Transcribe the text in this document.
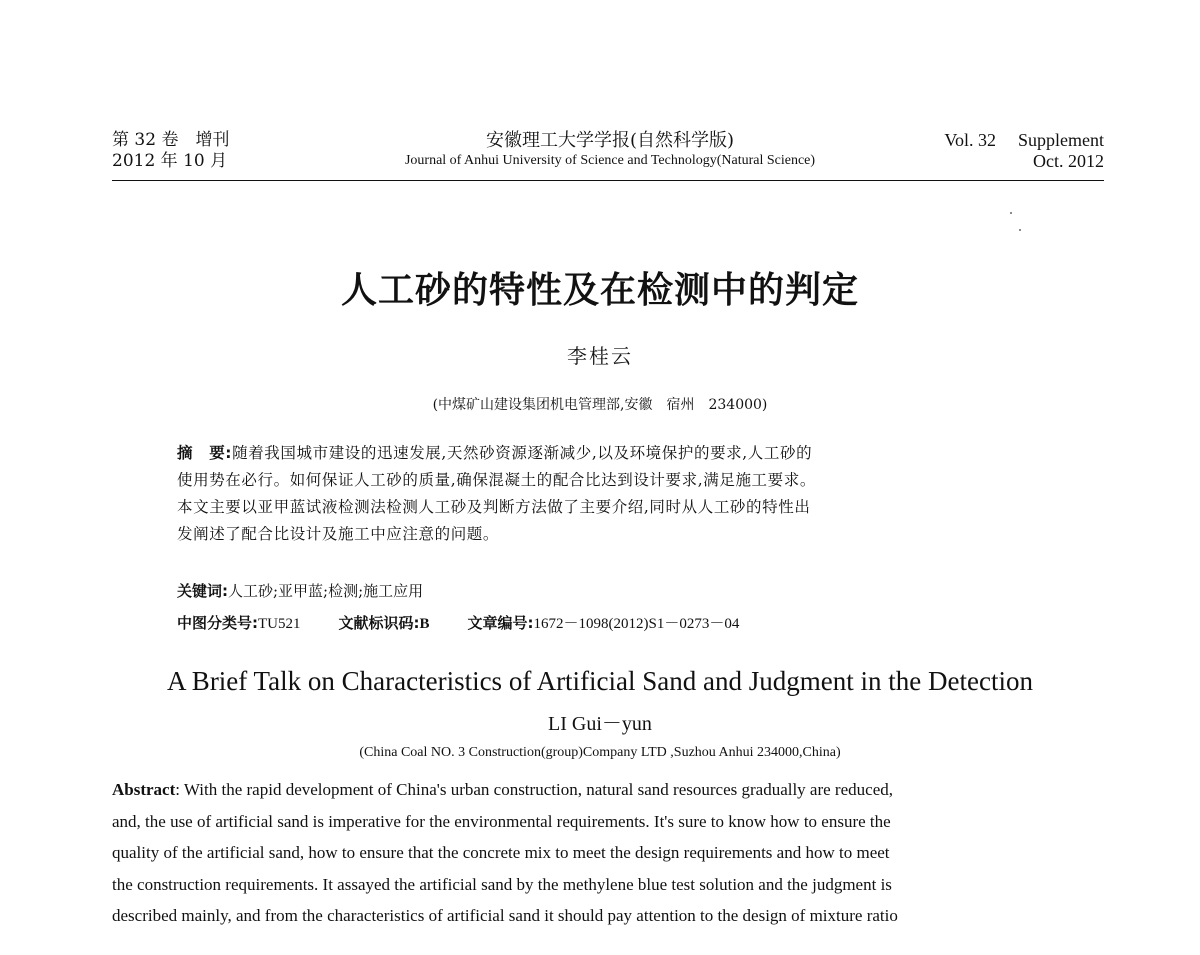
第 32 卷　增刊
2012 年 10 月
安徽理工大学学报(自然科学版)
Journal of Anhui University of Science and Technology(Natural Science)
Vol. 32 Supplement
Oct. 2012
人工砂的特性及在检测中的判定
李桂云
(中煤矿山建设集团机电管理部,安徽　宿州　234000)
摘　要:随着我国城市建设的迅速发展,天然砂资源逐渐减少,以及环境保护的要求,人工砂的
使用势在必行。如何保证人工砂的质量,确保混凝土的配合比达到设计要求,满足施工要求。
本文主要以亚甲蓝试液检测法检测人工砂及判断方法做了主要介绍,同时从人工砂的特性出
发阐述了配合比设计及施工中应注意的问题。
关键词:人工砂;亚甲蓝;检测;施工应用
中图分类号:TU521	文献标识码:B	文章编号:1672－1098(2012)S1－0273－04
A Brief Talk on Characteristics of Artificial Sand and Judgment in the Detection
LI Gui－yun
(China Coal NO. 3 Construction(group)Company LTD ,Suzhou Anhui 234000,China)
Abstract: With the rapid development of China's urban construction, natural sand resources gradually are reduced,
and, the use of artificial sand is imperative for the environmental requirements. It's sure to know how to ensure the
quality of the artificial sand, how to ensure that the concrete mix to meet the design requirements and how to meet
the construction requirements. It assayed the artificial sand by the methylene blue test solution and the judgment is
described mainly, and from the characteristics of artificial sand it should pay attention to the design of mixture ratio
